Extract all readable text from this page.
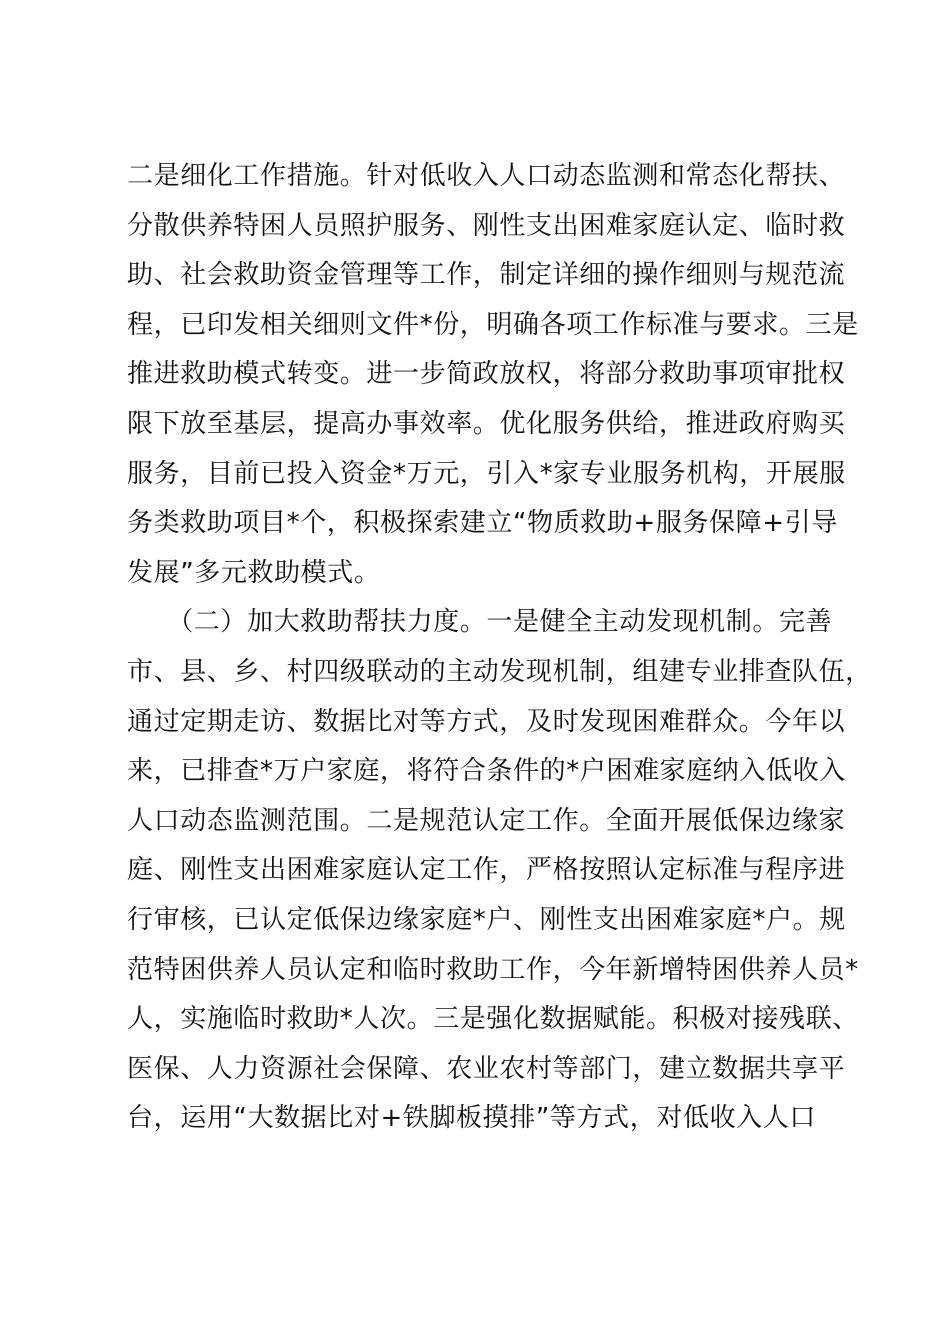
二是细化工作措施。针对低收入人口动态监测和常态化帮扶、
分散供养特困人员照护服务、刚性支出困难家庭认定、临时救
助、社会救助资金管理等工作，制定详细的操作细则与规范流
程，已印发相关细则文件*份，明确各项工作标准与要求。三是
推进救助模式转变。进一步简政放权，将部分救助事项审批权
限下放至基层，提高办事效率。优化服务供给，推进政府购买
服务，目前已投入资金*万元，引入*家专业服务机构，开展服
务类救助项目*个，积极探索建立“物质救助+服务保障+引导
发展”多元救助模式。
　　（二）加大救助帮扶力度。一是健全主动发现机制。完善
市、县、乡、村四级联动的主动发现机制，组建专业排查队伍，
通过定期走访、数据比对等方式，及时发现困难群众。今年以
来，已排查*万户家庭，将符合条件的*户困难家庭纳入低收入
人口动态监测范围。二是规范认定工作。全面开展低保边缘家
庭、刚性支出困难家庭认定工作，严格按照认定标准与程序进
行审核，已认定低保边缘家庭*户、刚性支出困难家庭*户。规
范特困供养人员认定和临时救助工作，今年新增特困供养人员*
人，实施临时救助*人次。三是强化数据赋能。积极对接残联、
医保、人力资源社会保障、农业农村等部门，建立数据共享平
台，运用“大数据比对+铁脚板摸排”等方式，对低收入人口
